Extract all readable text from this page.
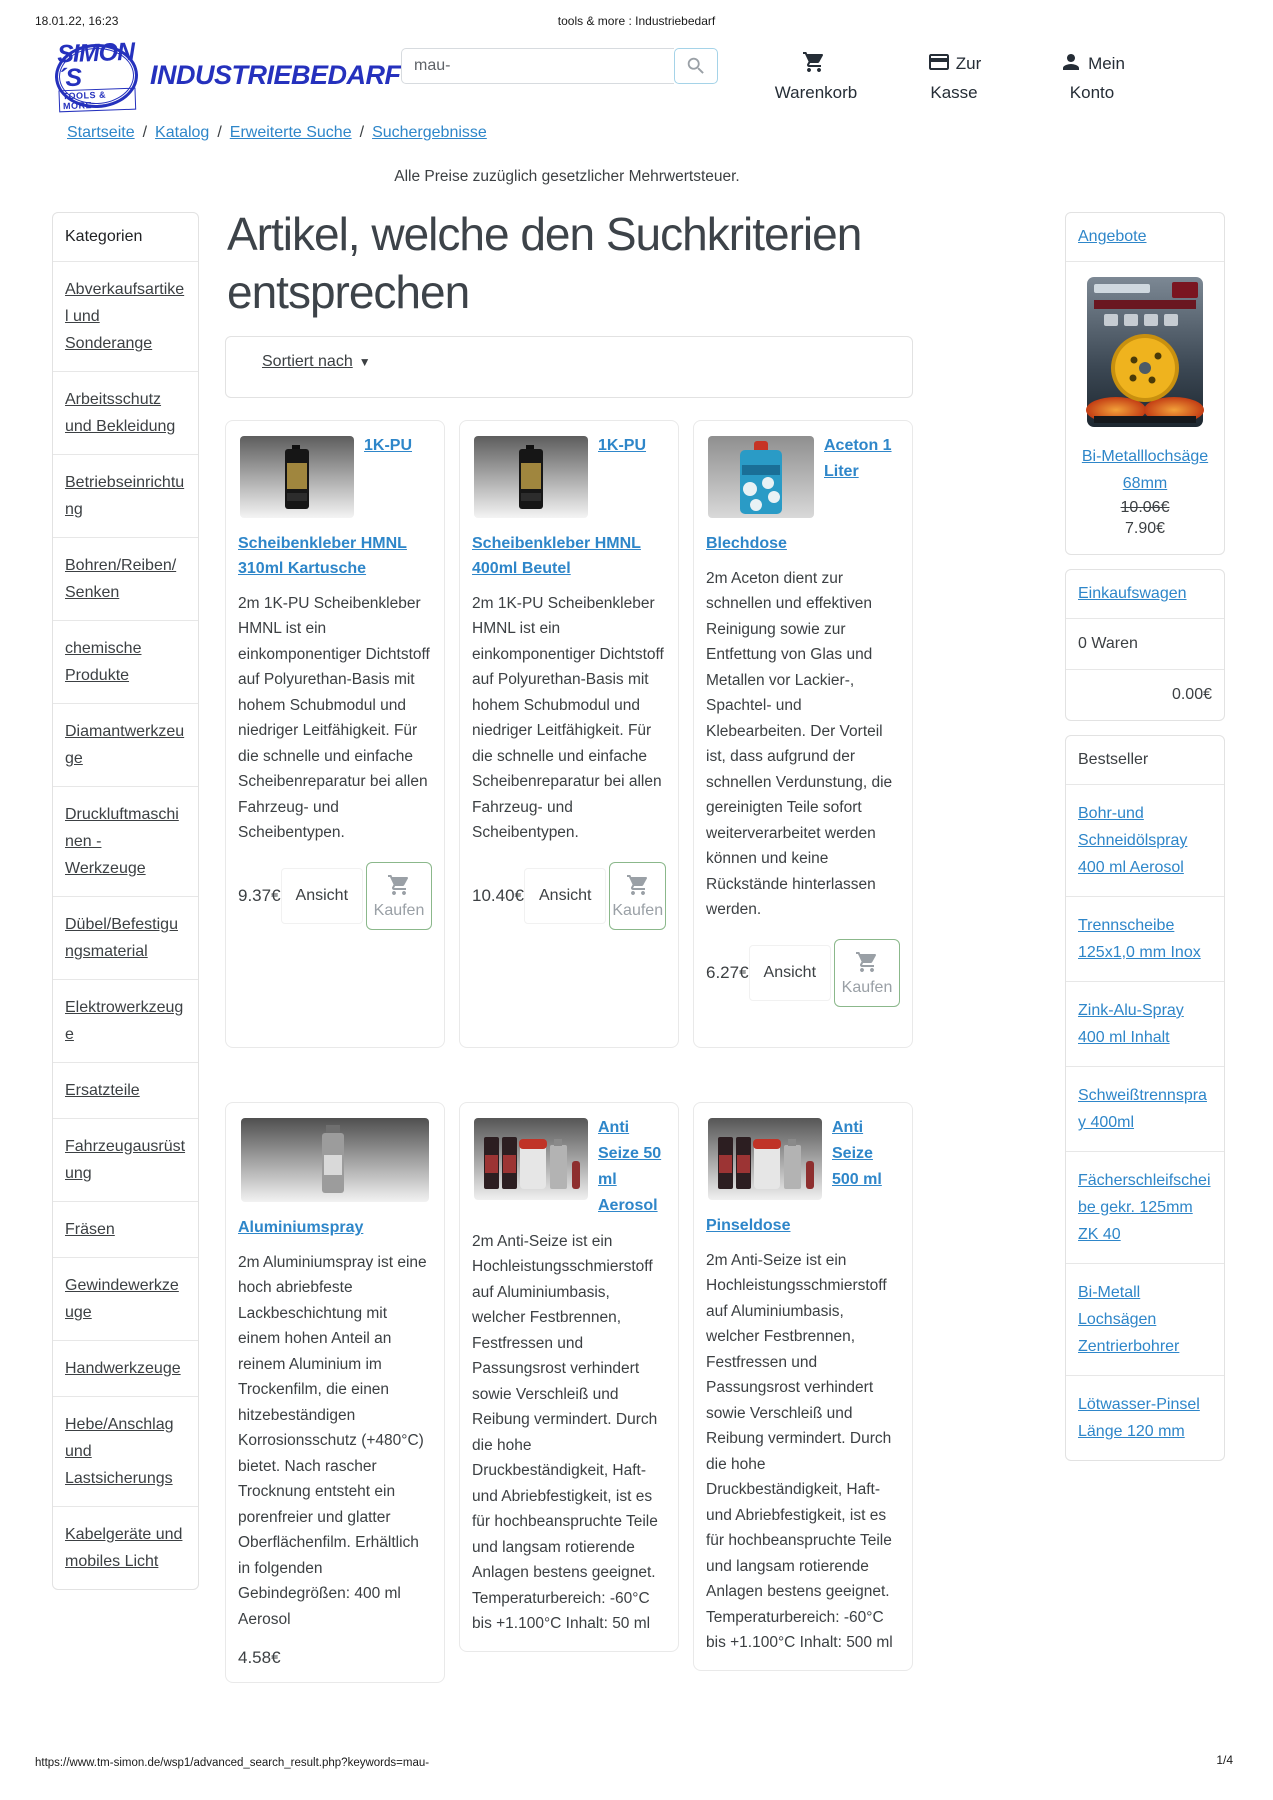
18.01.22, 16:23	tools & more : Industriebedarf
SIMON´S
TOOLS & MORE
INDUSTRIEBEDARF
mau-
Warenkorb
Zur Kasse
Mein Konto
Startseite / Katalog / Erweiterte Suche / Suchergebnisse
Alle Preise zuzüglich gesetzlicher Mehrwertsteuer.
Kategorien
Abverkaufsartikel und Sonderange
Arbeitsschutz und Bekleidung
Betriebseinrichtung
Bohren/Reiben/Senken
chemische Produkte
Diamantwerkzeuge
Druckluftmaschinen - Werkzeuge
Dübel/Befestigungsmaterial
Elektrowerkzeuge
Ersatzteile
Fahrzeugausrüstung
Fräsen
Gewindewerkzeuge
Handwerkzeuge
Hebe/Anschlag und Lastsicherungs
Kabelgeräte und mobiles Licht
Artikel, welche den Suchkriterien entsprechen
Sortiert nach ▼
1K-PU
Scheibenkleber HMNL 310ml Kartusche

2m 1K-PU Scheibenkleber HMNL ist ein einkomponentiger Dichtstoff auf Polyurethan-Basis mit hohem Schubmodul und niedriger Leitfähigkeit. Für die schnelle und einfache Scheibenreparatur bei allen Fahrzeug- und Scheibentypen.

9.37€ Ansicht
Kaufen
1K-PU
Scheibenkleber HMNL 400ml Beutel

2m 1K-PU Scheibenkleber HMNL ist ein einkomponentiger Dichtstoff auf Polyurethan-Basis mit hohem Schubmodul und niedriger Leitfähigkeit. Für die schnelle und einfache Scheibenreparatur bei allen Fahrzeug- und Scheibentypen.

10.40€ Ansicht
Kaufen
Aceton 1 Liter
Blechdose

2m Aceton dient zur schnellen und effektiven Reinigung sowie zur Entfettung von Glas und Metallen vor Lackier-, Spachtel- und Klebearbeiten. Der Vorteil ist, dass aufgrund der schnellen Verdunstung, die gereinigten Teile sofort weiterverarbeitet werden können und keine Rückstände hinterlassen werden.

6.27€ Ansicht
Kaufen
Aluminiumspray

2m Aluminiumspray ist eine hoch abriebfeste Lackbeschichtung mit einem hohen Anteil an reinem Aluminium im Trockenfilm, die einen hitzebeständigen Korrosionsschutz (+480°C) bietet. Nach rascher Trocknung entsteht ein porenfreier und glatter Oberflächenfilm. Erhältlich in folgenden Gebindegrößen: 400 ml Aerosol

4.58€
Anti Seize 50 ml Aerosol

2m Anti-Seize ist ein Hochleistungsschmierstoff auf Aluminiumbasis, welcher Festbrennen, Festfressen und Passungsrost verhindert sowie Verschleiß und Reibung vermindert. Durch die hohe Druckbeständigkeit, Haft- und Abriebfestigkeit, ist es für hochbeanspruchte Teile und langsam rotierende Anlagen bestens geeignet. Temperaturbereich: -60°C bis +1.100°C Inhalt: 50 ml

Anti Seize 500 ml
Pinseldose

2m Anti-Seize ist ein Hochleistungsschmierstoff auf Aluminiumbasis, welcher Festbrennen, Festfressen und Passungsrost verhindert sowie Verschleiß und Reibung vermindert. Durch die hohe Druckbeständigkeit, Haft- und Abriebfestigkeit, ist es für hochbeanspruchte Teile und langsam rotierende Anlagen bestens geeignet. Temperaturbereich: -60°C bis +1.100°C Inhalt: 500 ml

Angebote
Bi-Metalllochsäge 68mm
10.06€
7.90€
Einkaufswagen
0 Waren
0.00€
Bestseller
Bohr-und Schneidölspray 400 ml Aerosol
Trennscheibe 125x1,0 mm Inox
Zink-Alu-Spray 400 ml Inhalt
Schweißtrennspray 400ml
Fächerschleifscheibe gekr. 125mm ZK 40
Bi-Metall Lochsägen Zentrierbohrer
Lötwasser-Pinsel Länge 120 mm
https://www.tm-simon.de/wsp1/advanced_search_result.php?keywords=mau-	1/4
